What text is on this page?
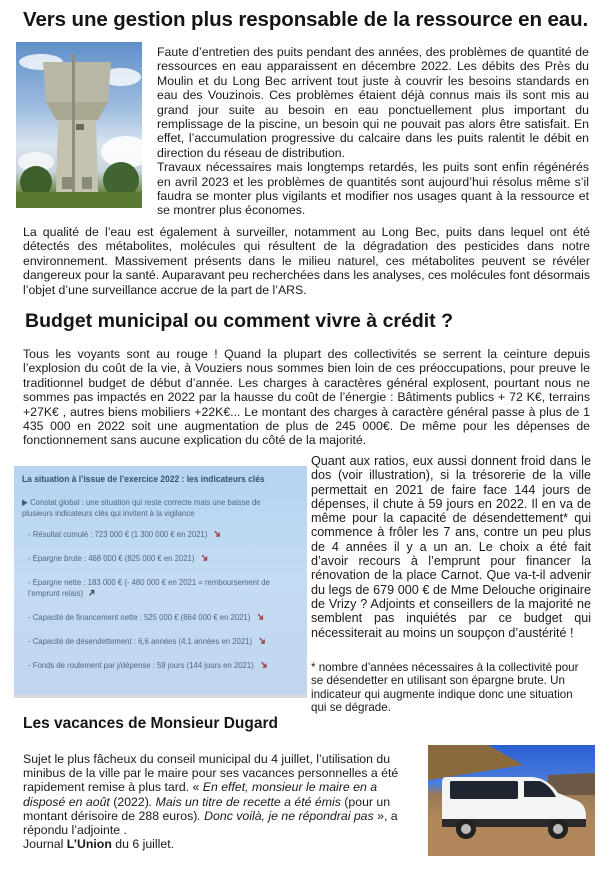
Vers une gestion plus responsable de la ressource en eau.
Faute d’entretien des puits pendant des années, des problèmes de quantité de ressources en eau apparaissent en décembre 2022. Les débits des Près du Moulin et du Long Bec arrivent tout juste à couvrir les besoins standards en eau des Vouzinois. Ces problèmes étaient déjà connus mais ils sont mis au grand jour suite au besoin en eau ponctuellement plus important du remplissage de la piscine, un besoin qui ne pouvait pas alors être satisfait. En effet, l’accumulation progressive du calcaire dans les puits ralentit le débit en direction du réseau de distribution.
Travaux nécessaires mais longtemps retardés, les puits sont enfin régénérés en avril 2023 et les problèmes de quantités sont aujourd’hui résolus même s’il faudra se monter plus vigilants et modifier nos usages quant à la ressource et se montrer plus économes.

La qualité de l’eau est également à surveiller, notamment au Long Bec, puits dans lequel ont été détectés des métabolites, molécules qui résultent de la dégradation des pesticides dans notre environnement. Massivement présents dans le milieu naturel, ces métabolites peuvent se révéler dangereux pour la santé. Auparavant peu recherchées dans les analyses, ces molécules font désormais l’objet d’une surveillance accrue de la part de l’ARS.

Budget municipal ou comment vivre à crédit ?

Tous les voyants sont au rouge ! Quand la plupart des collectivités se serrent la ceinture depuis l’explosion du coût de la vie, à Vouziers nous sommes bien loin de ces préoccupations, pour preuve le traditionnel budget de début d’année. Les charges à caractères général explosent, pourtant nous ne sommes pas impactés en 2022 par la hausse du coût de l’énergie : Bâtiments publics + 72 K€, terrains +27K€ , autres biens mobiliers +22K€... Le montant des charges à caractère général passe à plus de 1 435 000 en 2022 soit une augmentation de plus de 245 000€. De même pour les dépenses de fonctionnement sans aucune explication du côté de la majorité.

La situation à l’issue de l’exercice 2022 : les indicateurs clés
▶ Constat global : une situation qui reste correcte mais une baisse de plusieurs indicateurs clés qui invitent à la vigilance
- Résultat cumulé : 723 000 € (1 300 000 € en 2021) ➜
- Epargne brute : 468 000 € (825 000 € en 2021) ➜
- Epargne nette : 183 000 € (- 480 000 € en 2021 = remboursement de l’emprunt relais) ➜
- Capacité de financement nette : 525 000 € (864 000 € en 2021) ➜
- Capacité de désendettement : 6,6 années (4,1 années en 2021) ➜
- Fonds de roulement par j/dépense : 59 jours (144 jours en 2021) ➜

Quant aux ratios, eux aussi donnent froid dans le dos (voir illustration), si la trésorerie de la ville permettait en 2021 de faire face 144 jours de dépenses, il chute à 59 jours en 2022. Il en va de même pour la capacité de désendettement* qui commence à frôler les 7 ans, contre un peu plus de 4 années il y a un an. Le choix a été fait d’avoir recours à l’emprunt pour financer la rénovation de la place Carnot. Que va-t-il advenir du legs de 679 000 € de Mme Delouche originaire de Vrizy ? Adjoints et conseillers de la majorité ne semblent pas inquiétés par ce budget qui nécessiterait au moins un soupçon d’austérité !

* nombre d’années nécessaires à la collectivité pour se désendetter en utilisant son épargne brute. Un indicateur qui augmente indique donc une situation qui se dégrade.

Les vacances de Monsieur Dugard

Sujet le plus fâcheux du conseil municipal du 4 juillet, l’utilisation du minibus de la ville par le maire pour ses vacances personnelles a été rapidement remise à plus tard. « En effet, monsieur le maire en a disposé en août (2022). Mais un titre de recette a été émis (pour un montant dérisoire de 288 euros). Donc voilà, je ne répondrai pas », a répondu l’adjointe .
Journal L’Union du 6 juillet.
